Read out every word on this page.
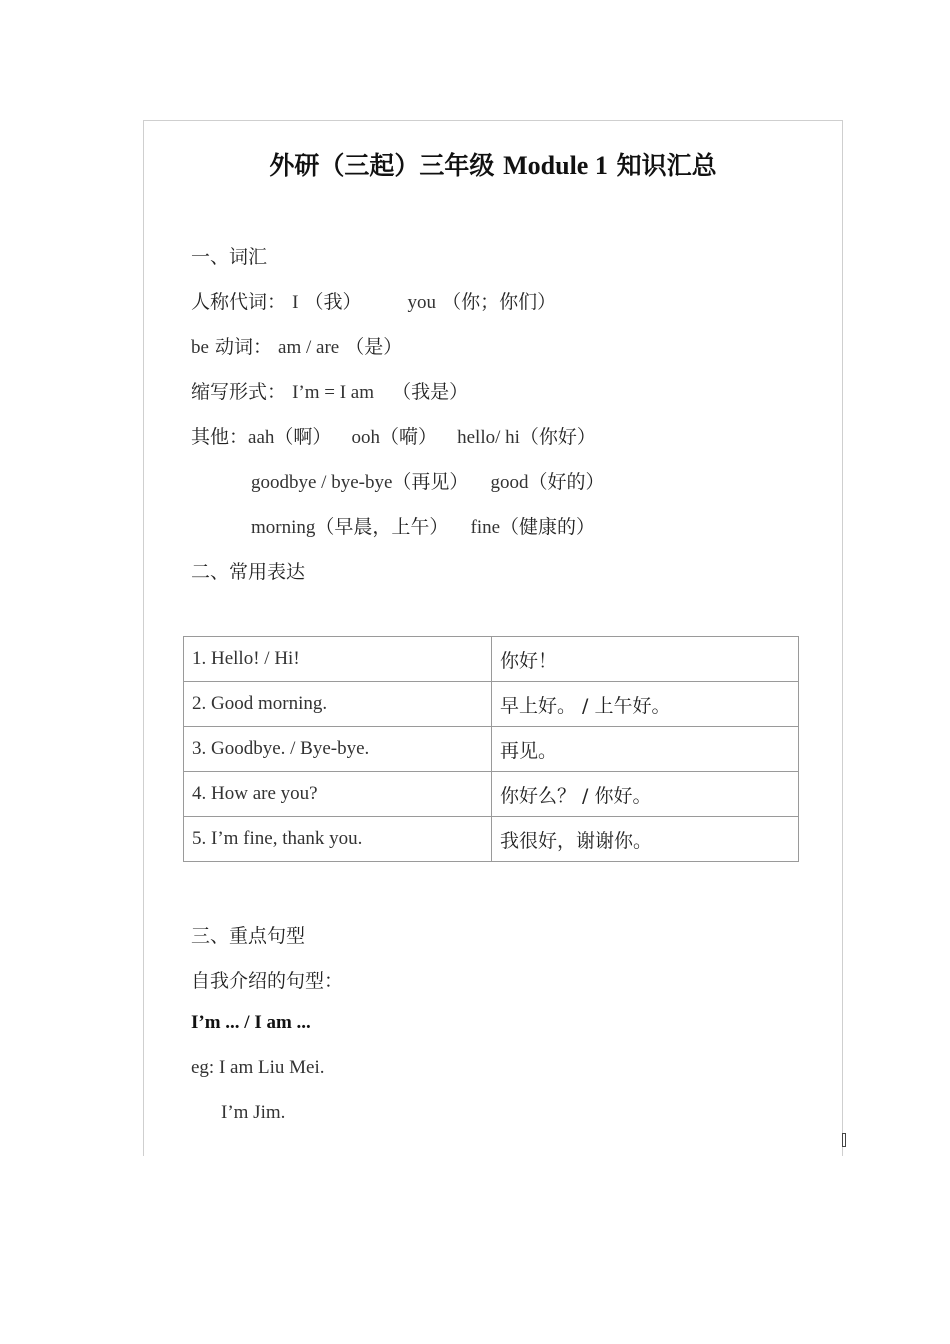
外研（三起）三年级 Module 1 知识汇总
一、词汇
人称代词： I （我） you （你；你们）
be 动词： am / are （是）
缩写形式： I’m = I am （我是）
其他：aah（啊） ooh（嗬） hello/ hi（你好）
goodbye / bye-bye（再见） good（好的）
morning（早晨，上午） fine（健康的）
二、常用表达
1. Hello! / Hi!	你好！
2. Good morning.	早上好。 / 上午好。
3. Goodbye. / Bye-bye.	再见。
4. How are you?	你好么？ / 你好。
5. I’m fine, thank you.	我很好，谢谢你。
三、重点句型
自我介绍的句型：
I’m ... / I am ...
eg: I am Liu Mei.
I’m Jim.
